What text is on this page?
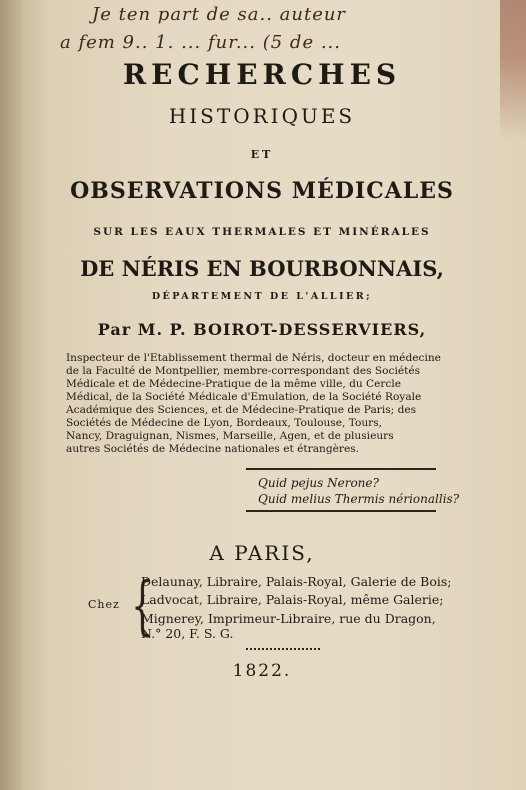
Je ten part de sa.. auteur
a fem 9.. 1. ... fur... (5 de ...
RECHERCHES
HISTORIQUES
ET
OBSERVATIONS MÉDICALES
SUR LES EAUX THERMALES ET MINÉRALES
DE NÉRIS EN BOURBONNAIS,
DÉPARTEMENT DE L'ALLIER;
Par M. P. BOIROT-DESSERVIERS,
Inspecteur de l'Etablissement thermal de Néris, docteur en médecine
de la Faculté de Montpellier, membre-correspondant des Sociétés
Médicale et de Médecine-Pratique de la même ville, du Cercle
Médical, de la Société Médicale d'Emulation, de la Société Royale
Académique des Sciences, et de Médecine-Pratique de Paris; des
Sociétés de Médecine de Lyon, Bordeaux, Toulouse, Tours,
Nancy, Draguignan, Nismes, Marseille, Agen, et de plusieurs
autres Sociétés de Médecine nationales et étrangères.
Quid pejus Nerone?
Quid melius Thermis nérionallis?
A PARIS,
Chez {
Delaunay, Libraire, Palais-Royal, Galerie de Bois;
Ladvocat, Libraire, Palais-Royal, même Galerie;
Mignerey, Imprimeur-Libraire, rue du Dragon,
N.° 20, F. S. G.
1822.
